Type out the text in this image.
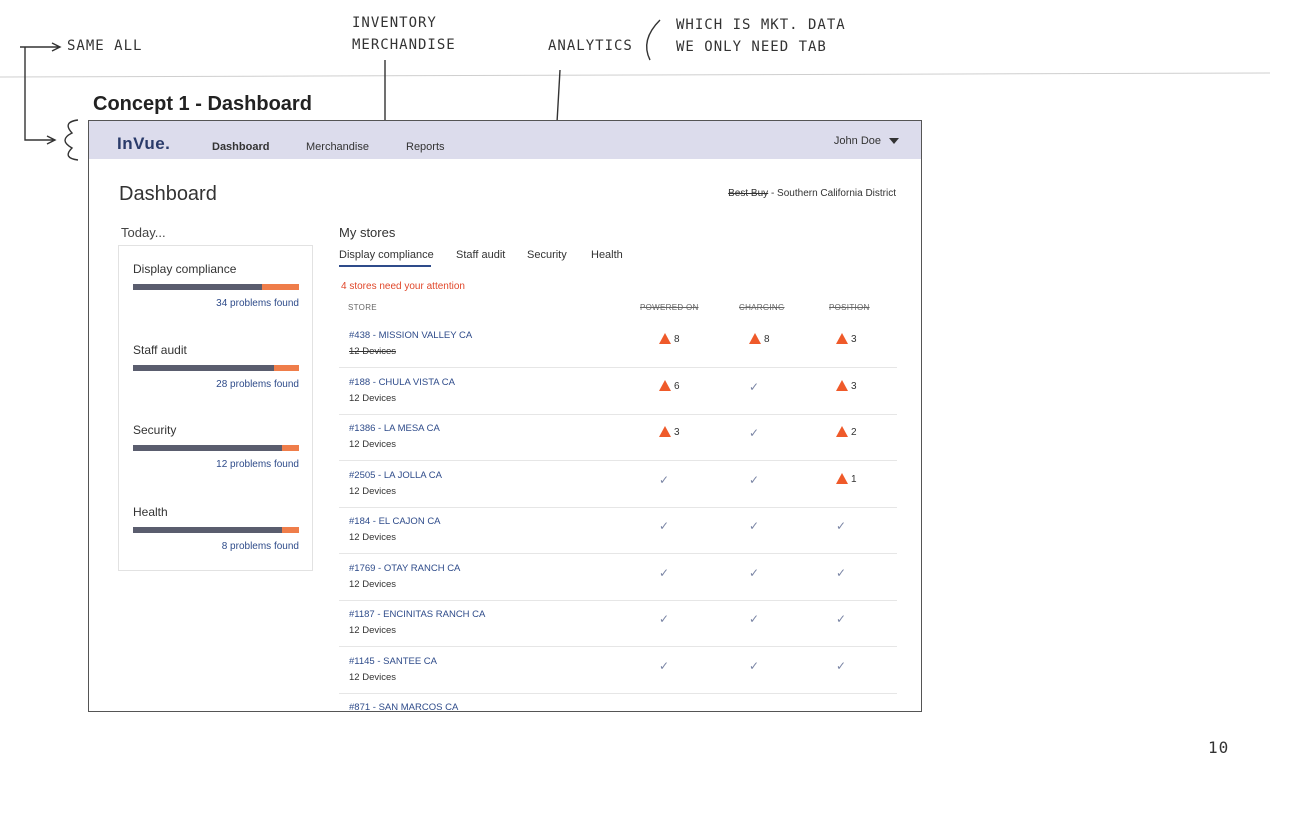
SAME ALL
INVENTORY
MERCHANDISE	ANALYTICS
WHICH IS MKT. DATA
WE ONLY NEED TAB
10
Concept 1 - Dashboard
InVue.	Dashboard	Merchandise	Reports	John Doe
Dashboard	Best Buy - Southern California District
Today...
Display compliance
34 problems found
Staff audit
28 problems found
Security
12 problems found
Health
8 problems found
My stores
Display compliance Staff audit Security Health
4 stores need your attention
STORE	POWERED ON	CHARGING	POSITION
#438 - MISSION VALLEY CA
12 Devices
8	8	3
#188 - CHULA VISTA CA
12 Devices
6	✓	3
#1386 - LA MESA CA
12 Devices
3	✓	2
#2505 - LA JOLLA CA
12 Devices
✓	✓	1
#184 - EL CAJON CA
12 Devices
✓	✓	✓
#1769 - OTAY RANCH CA
12 Devices
✓	✓	✓
#1187 - ENCINITAS RANCH CA
12 Devices
✓	✓	✓
#1145 - SANTEE CA
12 Devices
✓	✓	✓
#871 - SAN MARCOS CA
